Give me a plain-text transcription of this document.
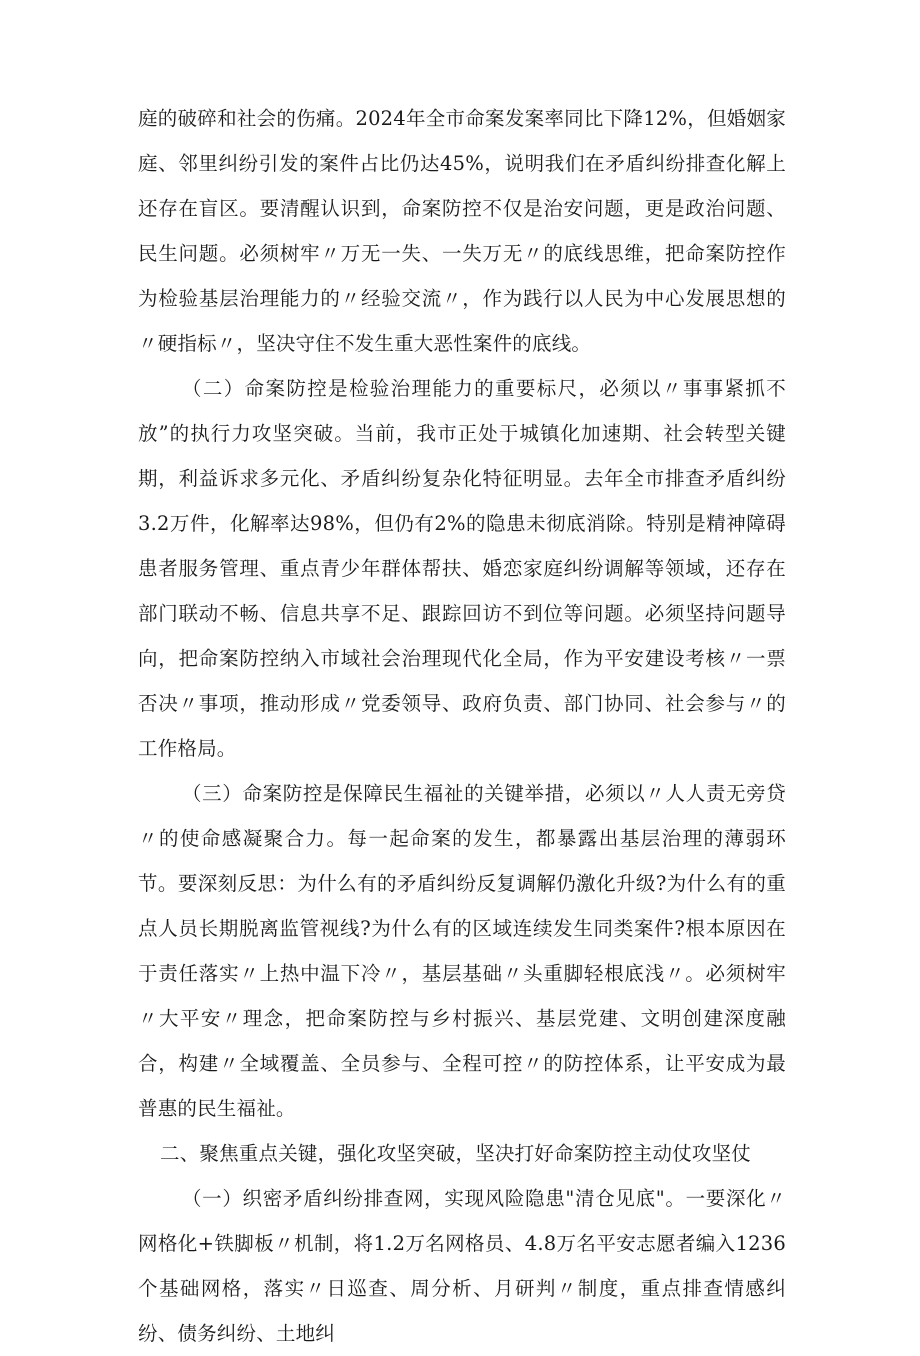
庭的破碎和社会的伤痛。2024年全市命案发案率同比下降12%，但婚姻家庭、邻里纠纷引发的案件占比仍达45%，说明我们在矛盾纠纷排查化解上还存在盲区。要清醒认识到，命案防控不仅是治安问题，更是政治问题、民生问题。必须树牢〃万无一失、一失万无〃的底线思维，把命案防控作为检验基层治理能力的〃经验交流〃，作为践行以人民为中心发展思想的〃硬指标〃，坚决守住不发生重大恶性案件的底线。

（二）命案防控是检验治理能力的重要标尺，必须以〃事事紧抓不放”的执行力攻坚突破。当前，我市正处于城镇化加速期、社会转型关键期，利益诉求多元化、矛盾纠纷复杂化特征明显。去年全市排查矛盾纠纷3.2万件，化解率达98%，但仍有2%的隐患未彻底消除。特别是精神障碍患者服务管理、重点青少年群体帮扶、婚恋家庭纠纷调解等领域，还存在部门联动不畅、信息共享不足、跟踪回访不到位等问题。必须坚持问题导向，把命案防控纳入市域社会治理现代化全局，作为平安建设考核〃一票否决〃事项，推动形成〃党委领导、政府负责、部门协同、社会参与〃的工作格局。

（三）命案防控是保障民生福祉的关键举措，必须以〃人人责无旁贷〃的使命感凝聚合力。每一起命案的发生，都暴露出基层治理的薄弱环节。要深刻反思：为什么有的矛盾纠纷反复调解仍激化升级?为什么有的重点人员长期脱离监管视线?为什么有的区域连续发生同类案件?根本原因在于责任落实〃上热中温下冷〃，基层基础〃头重脚轻根底浅〃。必须树牢〃大平安〃理念，把命案防控与乡村振兴、基层党建、文明创建深度融合，构建〃全域覆盖、全员参与、全程可控〃的防控体系，让平安成为最普惠的民生福祉。

二、聚焦重点关键，强化攻坚突破，坚决打好命案防控主动仗攻坚仗

（一）织密矛盾纠纷排查网，实现风险隐患"清仓见底"。一要深化〃网格化+铁脚板〃机制，将1.2万名网格员、4.8万名平安志愿者编入1236个基础网格，落实〃日巡查、周分析、月研判〃制度，重点排查情感纠纷、债务纠纷、土地纠
